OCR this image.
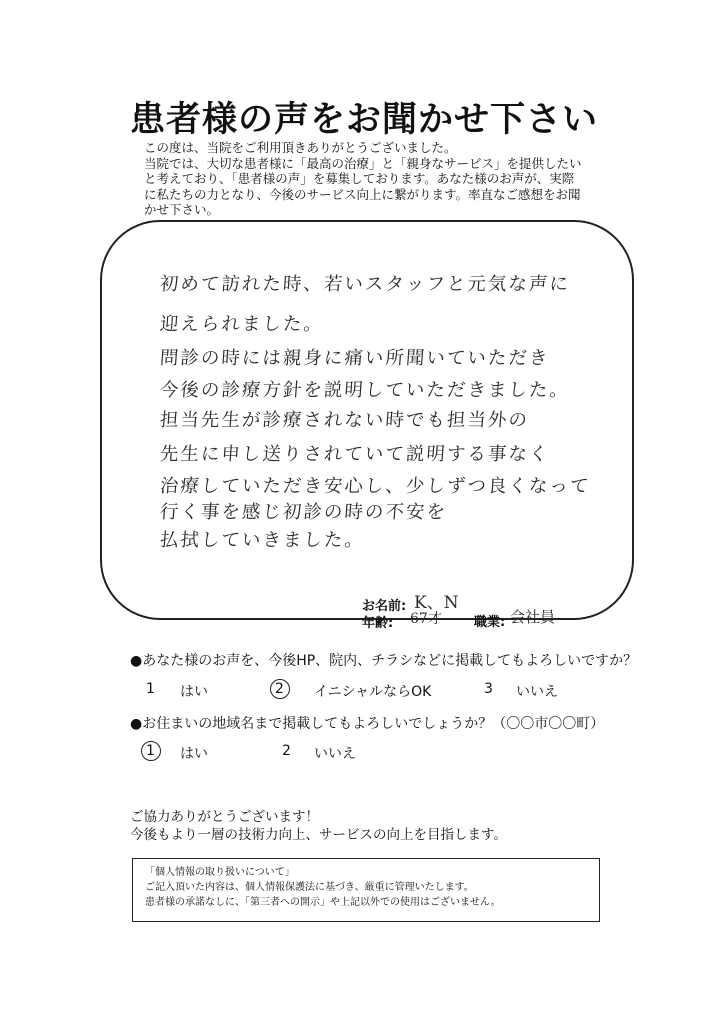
患者様の声をお聞かせ下さい
この度は、当院をご利用頂きありがとうございました。
当院では、大切な患者様に「最高の治療」と「親身なサービス」を提供したい
と考えており、「患者様の声」を募集しております。あなた様のお声が、実際
に私たちの力となり、今後のサービス向上に繋がります。率直なご感想をお聞
かせ下さい。
初めて訪れた時、若いスタッフと元気な声に
迎えられました。
問診の時には親身に痛い所聞いていただき
今後の診療方針を説明していただきました。
担当先生が診療されない時でも担当外の
先生に申し送りされていて説明する事なく
治療していただき安心し、少しずつ良くなって
行く事を感じ初診の時の不安を
払拭していきました。
お名前: K、N
年齢: 67才 職業: 会社員
●あなた様のお声を、今後HP、院内、チラシなどに掲載してもよろしいですか？
1 はい	2 イニシャルならOK	3 いいえ
●お住まいの地域名まで掲載してもよろしいでしょうか？（〇〇市〇〇町）
1 はい	2 いいえ
ご協力ありがとうございます！
今後もより一層の技術力向上、サービスの向上を目指します。
「個人情報の取り扱いについて」
ご記入頂いた内容は、個人情報保護法に基づき、厳重に管理いたします。
患者様の承諾なしに、「第三者への開示」や上記以外での使用はございません。
